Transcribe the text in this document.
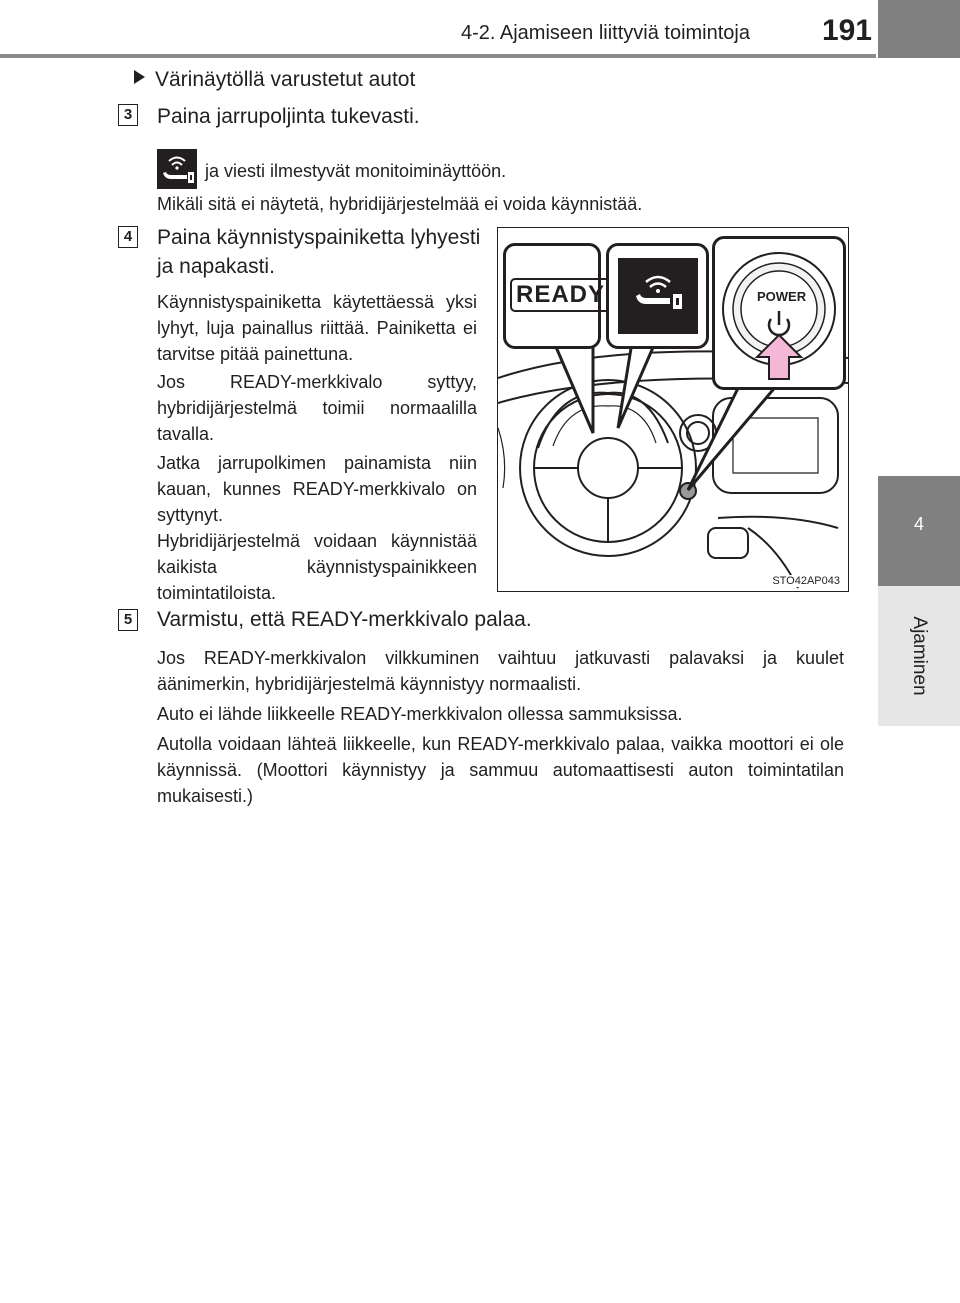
4-2. Ajamiseen liittyviä toimintoja 191
4
Ajaminen
Värinäytöllä varustetut autot
3 Paina jarrupoljinta tukevasti.
ja viesti ilmestyvät monitoiminäyttöön.
Mikäli sitä ei näytetä, hybridijärjestelmää ei voida käynnistää.
4 Paina käynnistyspainiketta lyhyesti
ja napakasti.
Käynnistyspainiketta käytettäessä yksi lyhyt, luja painallus riittää. Painiketta ei tarvitse pitää painettuna.
Jos READY-merkkivalo syttyy, hybridijärjestelmä toimii normaalilla tavalla.
Jatka jarrupolkimen painamista niin kauan, kunnes READY-merkkivalo on syttynyt.
Hybridijärjestelmä voidaan käynnistää kaikista käynnistyspainikkeen toimintatiloista.
READY	POWER
STO42AP043
5 Varmistu, että READY-merkkivalo palaa.
Jos READY-merkkivalon vilkkuminen vaihtuu jatkuvasti palavaksi ja kuulet äänimerkin, hybridijärjestelmä käynnistyy normaalisti.
Auto ei lähde liikkeelle READY-merkkivalon ollessa sammuksissa.
Autolla voidaan lähteä liikkeelle, kun READY-merkkivalo palaa, vaikka moottori ei ole käynnissä. (Moottori käynnistyy ja sammuu automaattisesti auton toimintatilan mukaisesti.)
